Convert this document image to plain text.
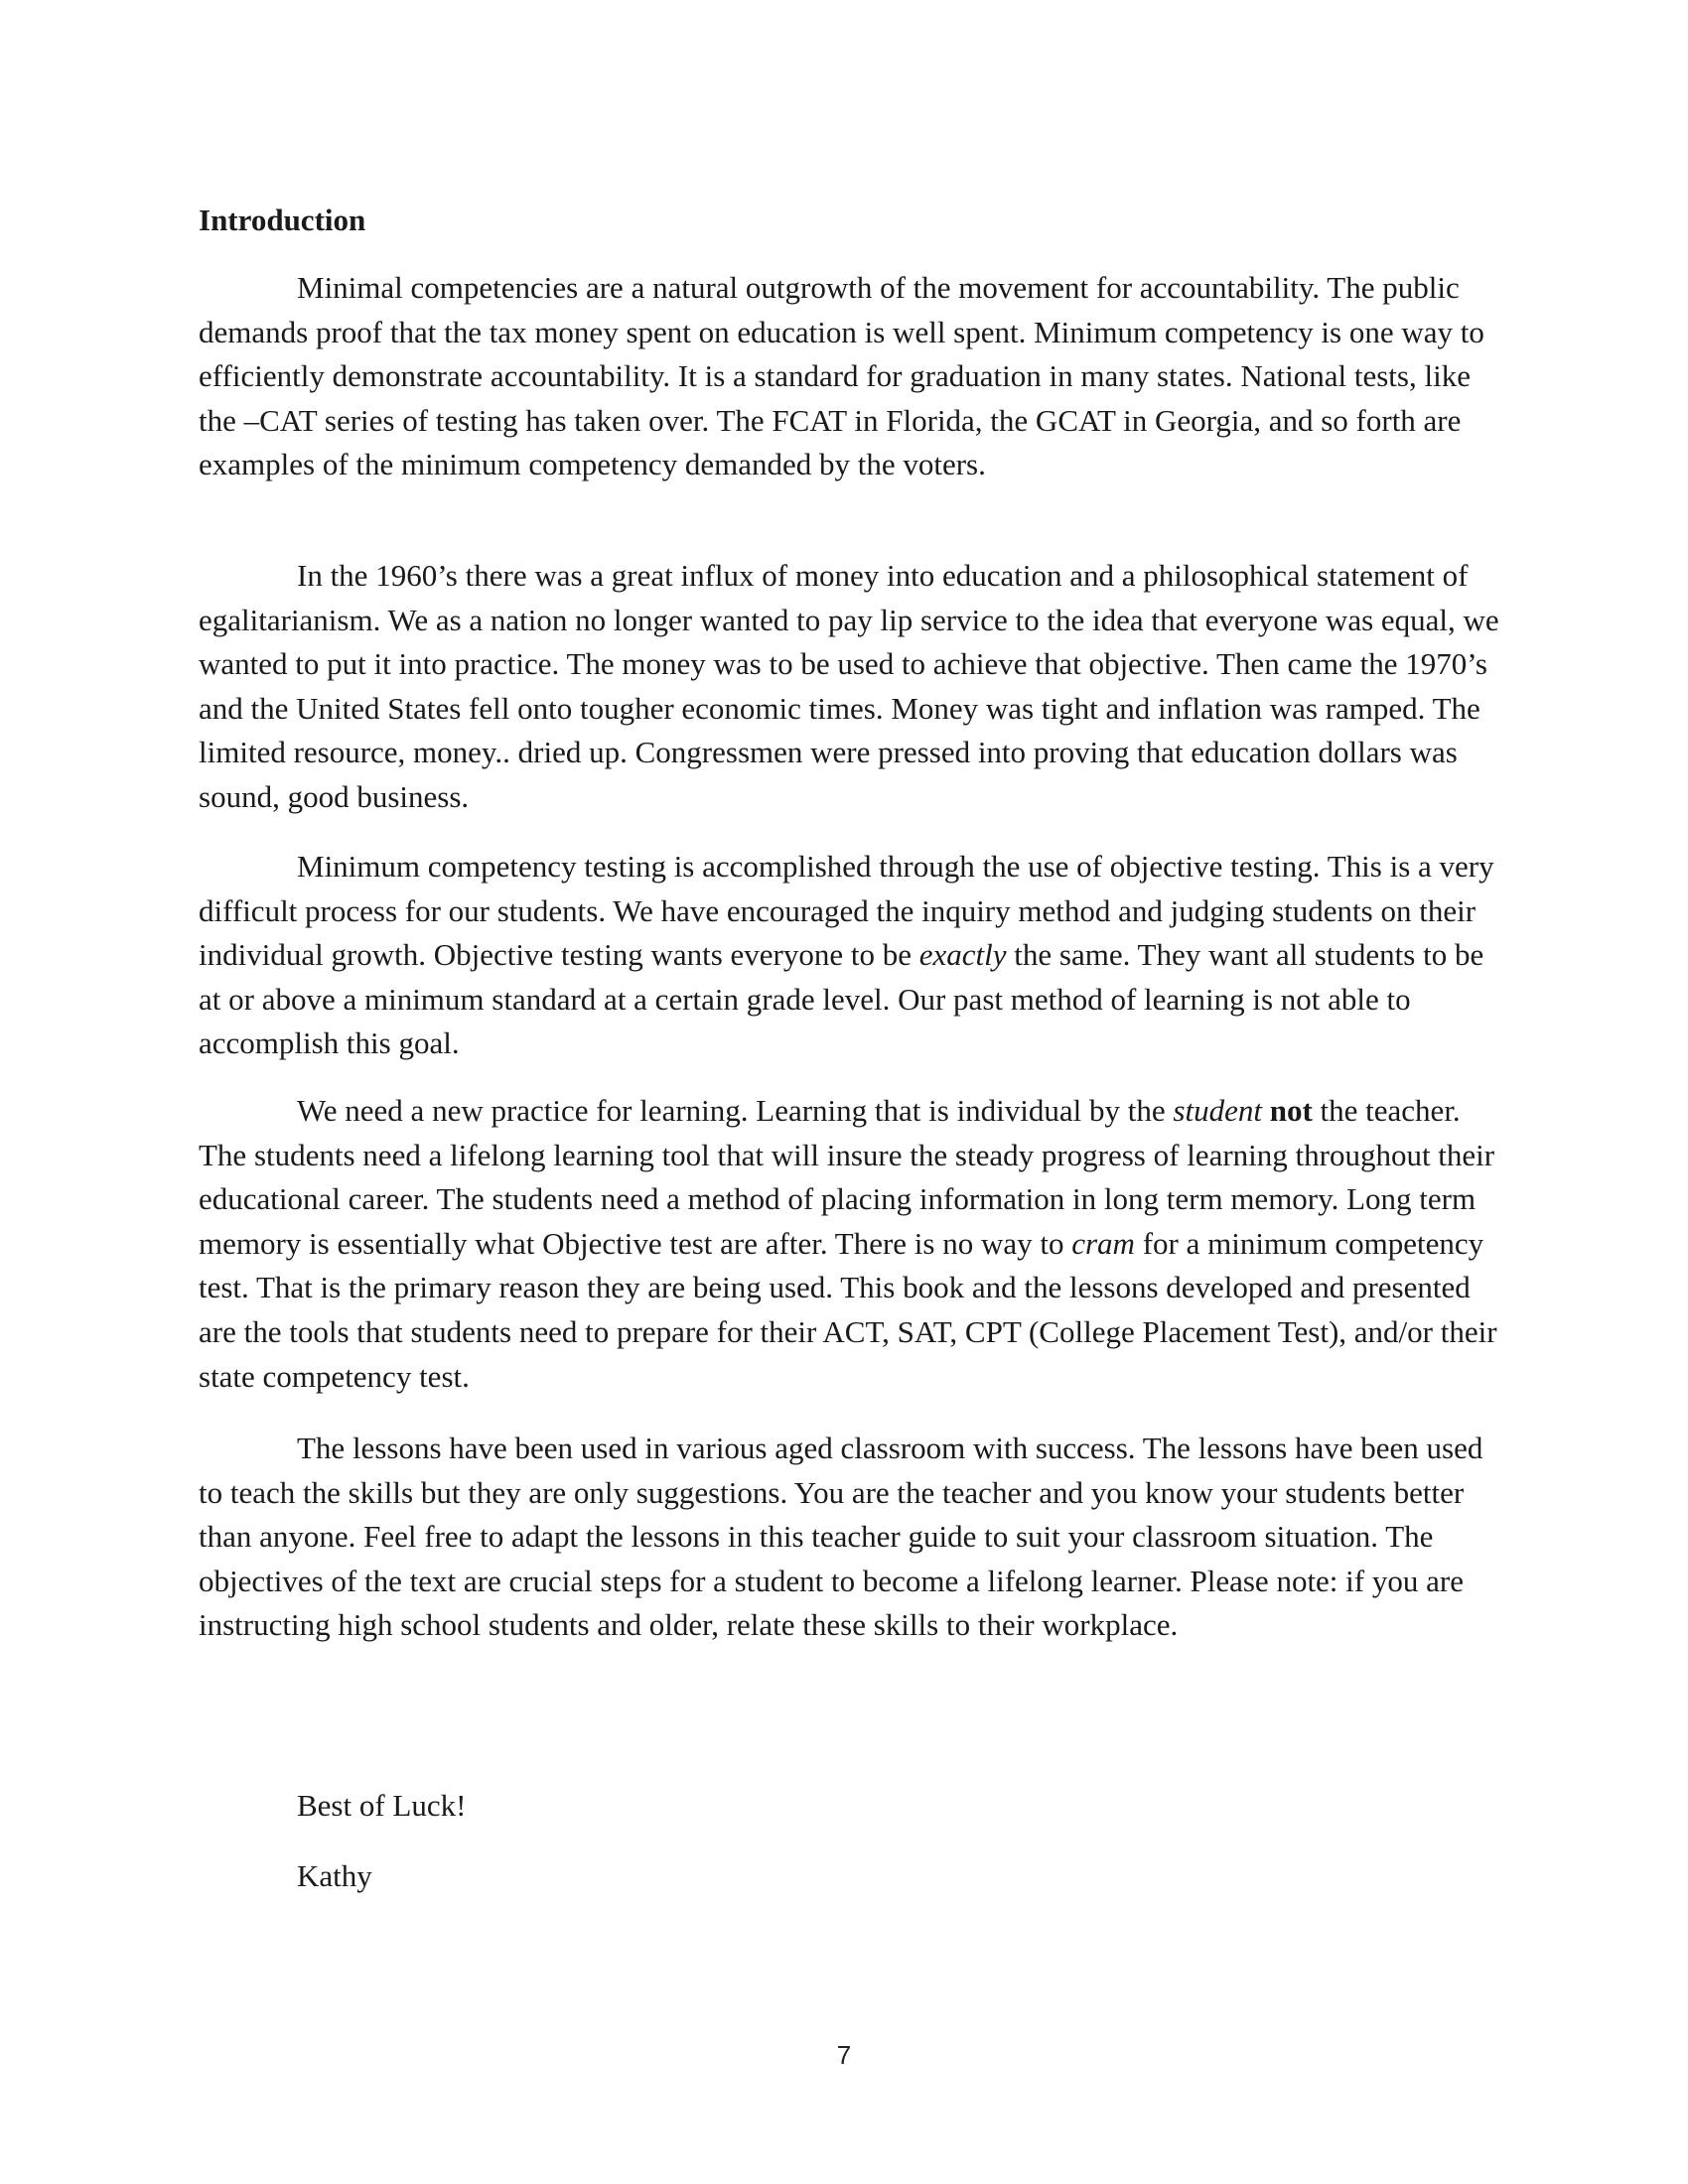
Introduction

Minimal competencies are a natural outgrowth of the movement for accountability. The public demands proof that the tax money spent on education is well spent. Minimum competency is one way to efficiently demonstrate accountability. It is a standard for graduation in many states. National tests, like the –CAT series of testing has taken over. The FCAT in Florida, the GCAT in Georgia, and so forth are examples of the minimum competency demanded by the voters.

In the 1960’s there was a great influx of money into education and a philosophical statement of egalitarianism. We as a nation no longer wanted to pay lip service to the idea that everyone was equal, we wanted to put it into practice. The money was to be used to achieve that objective. Then came the 1970’s and the United States fell onto tougher economic times. Money was tight and inflation was ramped. The limited resource, money.. dried up. Congressmen were pressed into proving that education dollars was sound, good business.

Minimum competency testing is accomplished through the use of objective testing. This is a very difficult process for our students. We have encouraged the inquiry method and judging students on their individual growth. Objective testing wants everyone to be exactly the same. They want all students to be at or above a minimum standard at a certain grade level. Our past method of learning is not able to accomplish this goal.

We need a new practice for learning. Learning that is individual by the student not the teacher. The students need a lifelong learning tool that will insure the steady progress of learning throughout their educational career. The students need a method of placing information in long term memory. Long term memory is essentially what Objective test are after. There is no way to cram for a minimum competency test. That is the primary reason they are being used. This book and the lessons developed and presented are the tools that students need to prepare for their ACT, SAT, CPT (College Placement Test), and/or their state competency test.

The lessons have been used in various aged classroom with success. The lessons have been used to teach the skills but they are only suggestions. You are the teacher and you know your students better than anyone. Feel free to adapt the lessons in this teacher guide to suit your classroom situation. The objectives of the text are crucial steps for a student to become a lifelong learner. Please note: if you are instructing high school students and older, relate these skills to their workplace.

Best of Luck!

Kathy

7
